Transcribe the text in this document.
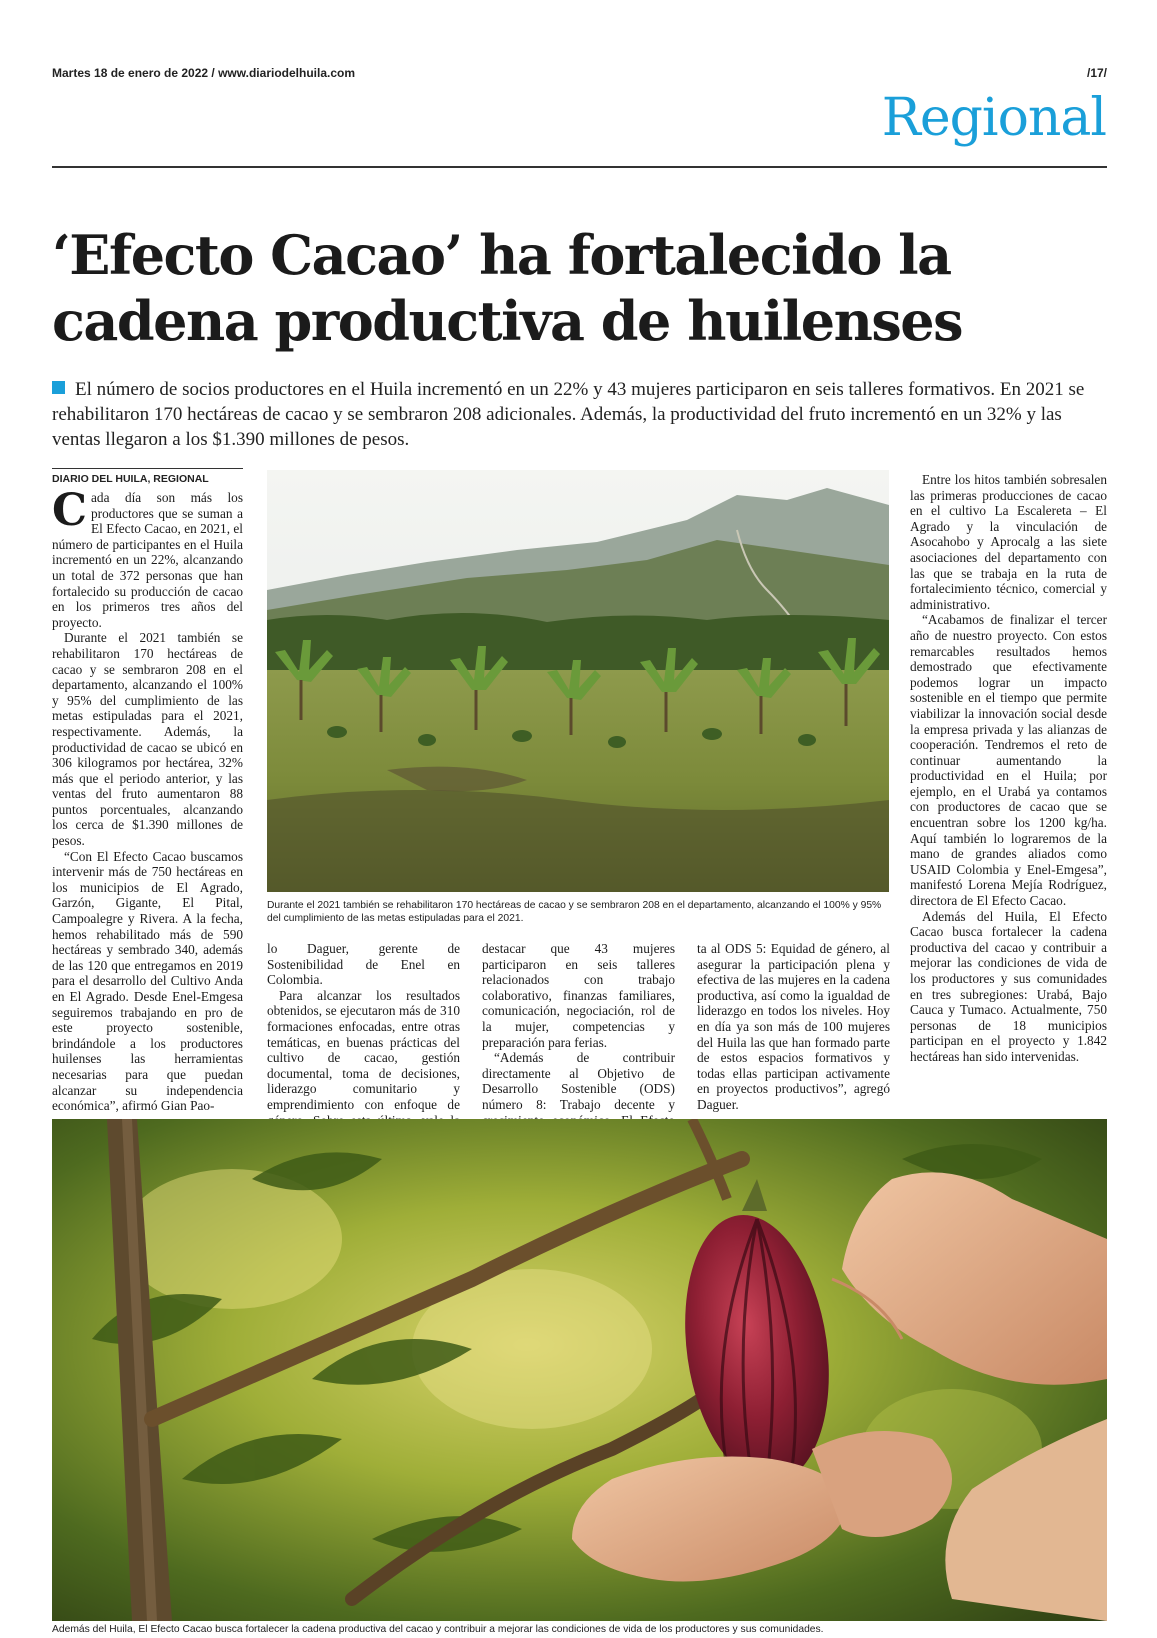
Martes 18 de enero de 2022 / www.diariodelhuila.com	/17/
Regional
‘Efecto Cacao’ ha fortalecido la
cadena productiva de huilenses
El número de socios productores en el Huila incrementó en un 22% y 43 mujeres participaron en seis talleres formativos. En 2021 se rehabilitaron 170 hectáreas de cacao y se sembraron 208 adicionales. Además, la productividad del fruto incrementó en un 32% y las ventas llegaron a los $1.390 millones de pesos.
DIARIO DEL HUILA, REGIONAL

Cada día son más los productores que se suman a El Efecto Cacao, en 2021, el número de participantes en el Huila incrementó en un 22%, alcanzando un total de 372 personas que han fortalecido su producción de cacao en los primeros tres años del proyecto.

Durante el 2021 también se rehabilitaron 170 hectáreas de cacao y se sembraron 208 en el departamento, alcanzando el 100% y 95% del cumplimiento de las metas estipuladas para el 2021, respectivamente. Además, la productividad de cacao se ubicó en 306 kilogramos por hectárea, 32% más que el periodo anterior, y las ventas del fruto aumentaron 88 puntos porcentuales, alcanzando los cerca de $1.390 millones de pesos.

“Con El Efecto Cacao buscamos intervenir más de 750 hectáreas en los municipios de El Agrado, Garzón, Gigante, El Pital, Campoalegre y Rivera. A la fecha, hemos rehabilitado más de 590 hectáreas y sembrado 340, además de las 120 que entregamos en 2019 para el desarrollo del Cultivo Anda en El Agrado. Desde Enel-Emgesa seguiremos trabajando en pro de este proyecto sostenible, brindándole a los productores huilenses las herramientas necesarias para que puedan alcanzar su independencia económica”, afirmó Gian Pao-

Durante el 2021 también se rehabilitaron 170 hectáreas de cacao y se sembraron 208 en el departamento, alcanzando el 100% y 95% del cumplimiento de las metas estipuladas para el 2021.

lo Daguer, gerente de Sostenibilidad de Enel en Colombia.

Para alcanzar los resultados obtenidos, se ejecutaron más de 310 formaciones enfocadas, entre otras temáticas, en buenas prácticas del cultivo de cacao, gestión documental, toma de decisiones, liderazgo comunitario y emprendimiento con enfoque de

destacar que 43 mujeres participaron en seis talleres relacionados con trabajo colaborativo, finanzas familiares, comunicación, negociación, rol de la mujer, competencias y preparación para ferias.

“Además de contribuir directamente al Objetivo de Desarrollo Sostenible (ODS) número 8: Trabajo decente y

ta al ODS 5: Equidad de género, al asegurar la participación plena y efectiva de las mujeres en la cadena productiva, así como la igualdad de liderazgo en todos los niveles. Hoy en día ya son más de 100 mujeres del Huila las que han formado parte de estos espacios formativos y todas ellas participan activamente en proyectos productivos”, agregó Daguer.

Entre los hitos también sobresalen las primeras producciones de cacao en el cultivo La Escalereta – El Agrado y la vinculación de Asocahobo y Aprocalg a las siete asociaciones del departamento con las que se trabaja en la ruta de fortalecimiento técnico, comercial y administrativo.

“Acabamos de finalizar el tercer año de nuestro proyecto. Con estos remarcables resultados hemos demostrado que efectivamente podemos lograr un impacto sostenible en el tiempo que permite viabilizar la innovación social desde la empresa privada y las alianzas de cooperación. Tendremos el reto de continuar aumentando la productividad en el Huila; por ejemplo, en el Urabá ya contamos con productores de cacao que se encuentran sobre los 1200 kg/ha. Aquí también lo lograremos de la mano de grandes aliados como USAID Colombia y Enel-Emgesa”, manifestó Lorena Mejía Rodríguez, directora de El Efecto Cacao.

Además del Huila, El Efecto Cacao busca fortalecer la cadena productiva del cacao y contribuir a mejorar las condiciones de vida de los productores y sus comunidades en tres subregiones: Urabá, Bajo Cauca y Tumaco. Actualmente, 750 personas de 18 municipios participan en el proyecto y 1.842 hectáreas han sido intervenidas.

Además del Huila, El Efecto Cacao busca fortalecer la cadena productiva del cacao y contribuir a mejorar las condiciones de vida de los productores y sus comunidades.
